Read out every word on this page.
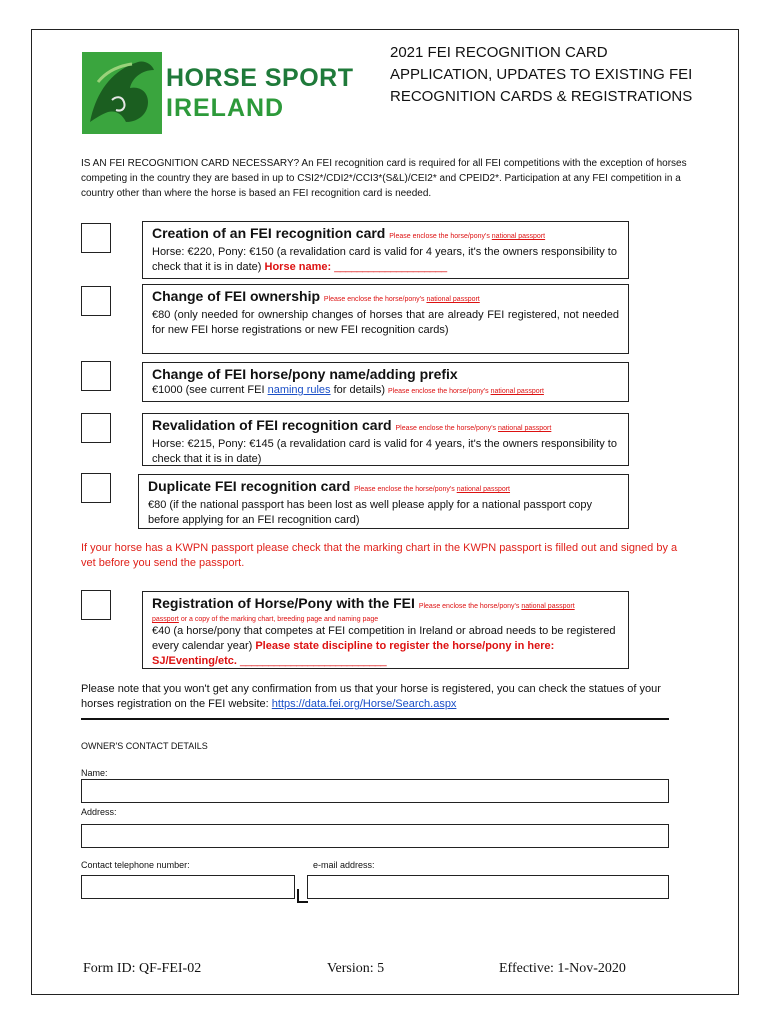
HORSE SPORT
IRELAND
2021 FEI RECOGNITION CARD
APPLICATION, UPDATES TO EXISTING FEI
RECOGNITION CARDS & REGISTRATIONS
IS AN FEI RECOGNITION CARD NECESSARY? An FEI recognition card is required for all FEI competitions with the exception of horses competing in the country they are based in up to CSI2*/CDI2*/CCI3*(S&L)/CEI2* and CPEID2*. Participation at any FEI competition in a country other than where the horse is based an FEI recognition card is needed.
Creation of an FEI recognition card Please enclose the horse/pony's national passport
Horse: €220, Pony: €150 (a revalidation card is valid for 4 years, it's the owners responsibility to check that it is in date) Horse name: ____________________
Change of FEI ownership Please enclose the horse/pony's national passport
€80 (only needed for ownership changes of horses that are already FEI registered, not needed for new FEI horse registrations or new FEI recognition cards)
Change of FEI horse/pony name/adding prefix
€1000 (see current FEI naming rules for details) Please enclose the horse/pony's national passport
Revalidation of FEI recognition card Please enclose the horse/pony's national passport
Horse: €215, Pony: €145 (a revalidation card is valid for 4 years, it's the owners responsibility to check that it is in date)
Duplicate FEI recognition card Please enclose the horse/pony's national passport
€80 (if the national passport has been lost as well please apply for a national passport copy before applying for an FEI recognition card)
If your horse has a KWPN passport please check that the marking chart in the KWPN passport is filled out and signed by a vet before you send the passport.
Registration of Horse/Pony with the FEI Please enclose the horse/pony's national passport
passport or a copy of the marking chart, breeding page and naming page
€40 (a horse/pony that competes at FEI competition in Ireland or abroad needs to be registered every calendar year) Please state discipline to register the horse/pony in here: SJ/Eventing/etc. __________________________
Please note that you won't get any confirmation from us that your horse is registered, you can check the statues of your horses registration on the FEI website: https://data.fei.org/Horse/Search.aspx
OWNER'S CONTACT DETAILS
Name:
Address:
Contact telephone number:	e-mail address:
Form ID: QF-FEI-02	Version: 5	Effective: 1-Nov-2020
